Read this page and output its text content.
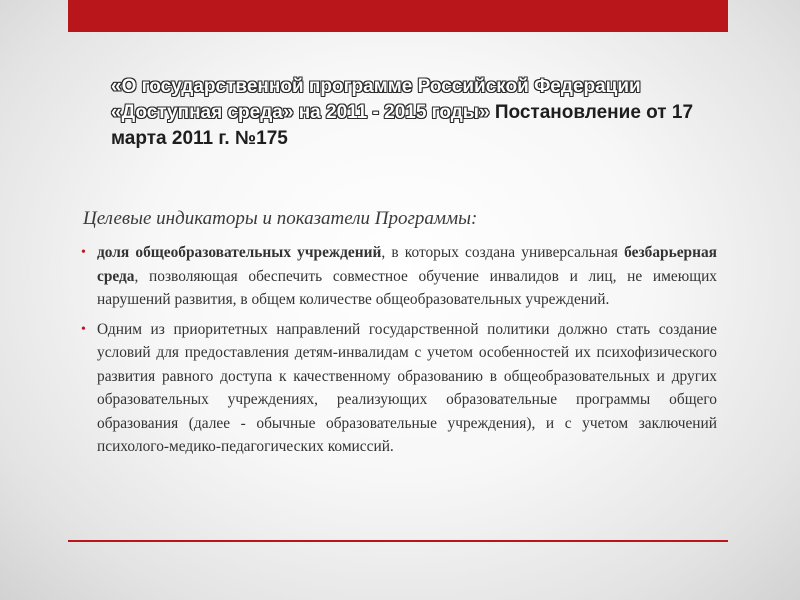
«О государственной программе Российской Федерации
«Доступная среда» на 2011 - 2015 годы» Постановление от 17 марта 2011 г. №175
Целевые индикаторы и показатели Программы:
• доля общеобразовательных учреждений, в которых создана универсальная безбарьерная среда, позволяющая обеспечить совместное обучение инвалидов и лиц, не имеющих нарушений развития, в общем количестве общеобразовательных учреждений.
• Одним из приоритетных направлений государственной политики должно стать создание условий для предоставления детям-инвалидам с учетом особенностей их психофизического развития равного доступа к качественному образованию в общеобразовательных и других образовательных учреждениях, реализующих образовательные программы общего образования (далее - обычные образовательные учреждения), и с учетом заключений психолого-медико-педагогических комиссий.
